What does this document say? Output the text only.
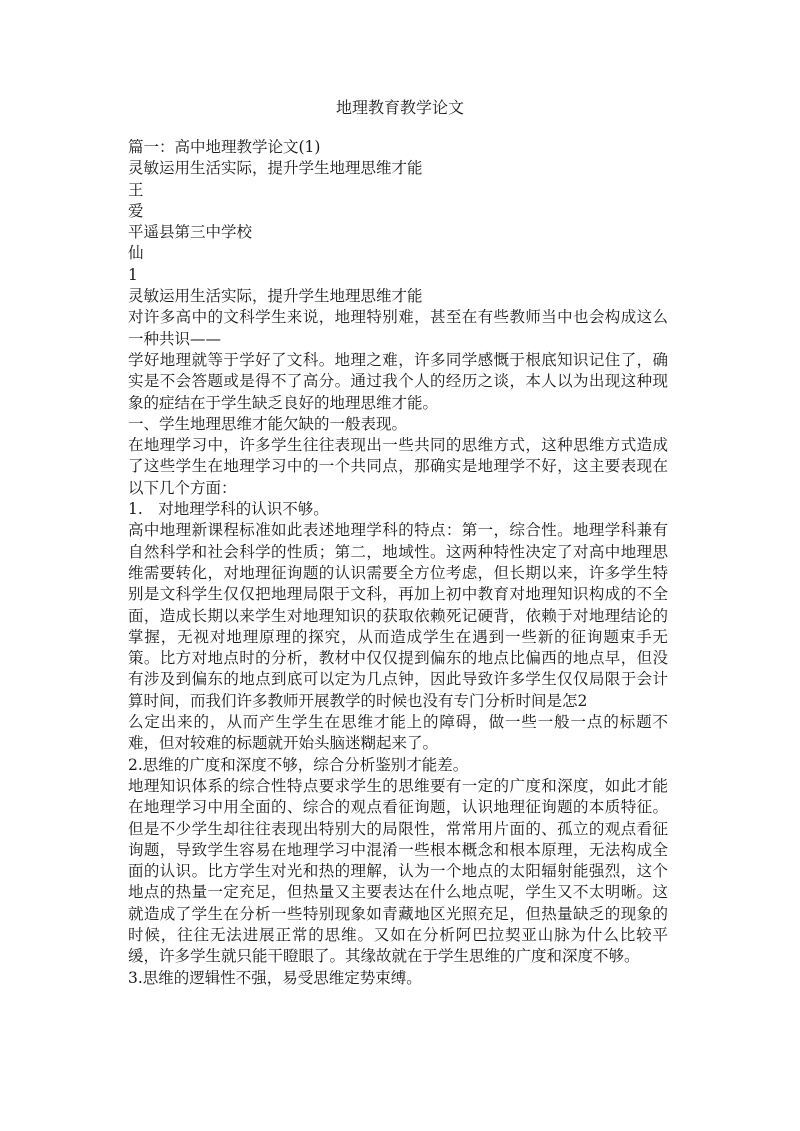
地理教育教学论文

篇一：高中地理教学论文(1)

灵敏运用生活实际，提升学生地理思维才能

王

爱

平遥县第三中学校

仙

1

灵敏运用生活实际，提升学生地理思维才能

对许多高中的文科学生来说，地理特别难，甚至在有些教师当中也会构成这么一种共识——

学好地理就等于学好了文科。地理之难，许多同学感慨于根底知识记住了，确实是不会答题或是得不了高分。通过我个人的经历之谈，本人以为出现这种现象的症结在于学生缺乏良好的地理思维才能。

一、学生地理思维才能欠缺的一般表现。

在地理学习中，许多学生往往表现出一些共同的思维方式，这种思维方式造成了这些学生在地理学习中的一个共同点，那确实是地理学不好，这主要表现在以下几个方面：

1.　对地理学科的认识不够。

高中地理新课程标准如此表述地理学科的特点：第一，综合性。地理学科兼有自然科学和社会科学的性质；第二，地域性。这两种特性决定了对高中地理思维需要转化，对地理征询题的认识需要全方位考虑，但长期以来，许多学生特别是文科学生仅仅把地理局限于文科，再加上初中教育对地理知识构成的不全面，造成长期以来学生对地理知识的获取依赖死记硬背，依赖于对地理结论的掌握，无视对地理原理的探究，从而造成学生在遇到一些新的征询题束手无策。比方对地点时的分析，教材中仅仅提到偏东的地点比偏西的地点早，但没有涉及到偏东的地点到底可以定为几点钟，因此导致许多学生仅仅局限于会计算时间，而我们许多教师开展教学的时候也没有专门分析时间是怎2

么定出来的，从而产生学生在思维才能上的障碍，做一些一般一点的标题不难，但对较难的标题就开始头脑迷糊起来了。

2.思维的广度和深度不够，综合分析鉴别才能差。

地理知识体系的综合性特点要求学生的思维要有一定的广度和深度，如此才能在地理学习中用全面的、综合的观点看征询题，认识地理征询题的本质特征。但是不少学生却往往表现出特别大的局限性，常常用片面的、孤立的观点看征询题，导致学生容易在地理学习中混淆一些根本概念和根本原理，无法构成全面的认识。比方学生对光和热的理解，认为一个地点的太阳辐射能强烈，这个地点的热量一定充足，但热量又主要表达在什么地点呢，学生又不太明晰。这就造成了学生在分析一些特别现象如青藏地区光照充足，但热量缺乏的现象的时候，往往无法进展正常的思维。又如在分析阿巴拉契亚山脉为什么比较平缓，许多学生就只能干瞪眼了。其缘故就在于学生思维的广度和深度不够。

3.思维的逻辑性不强，易受思维定势束缚。
